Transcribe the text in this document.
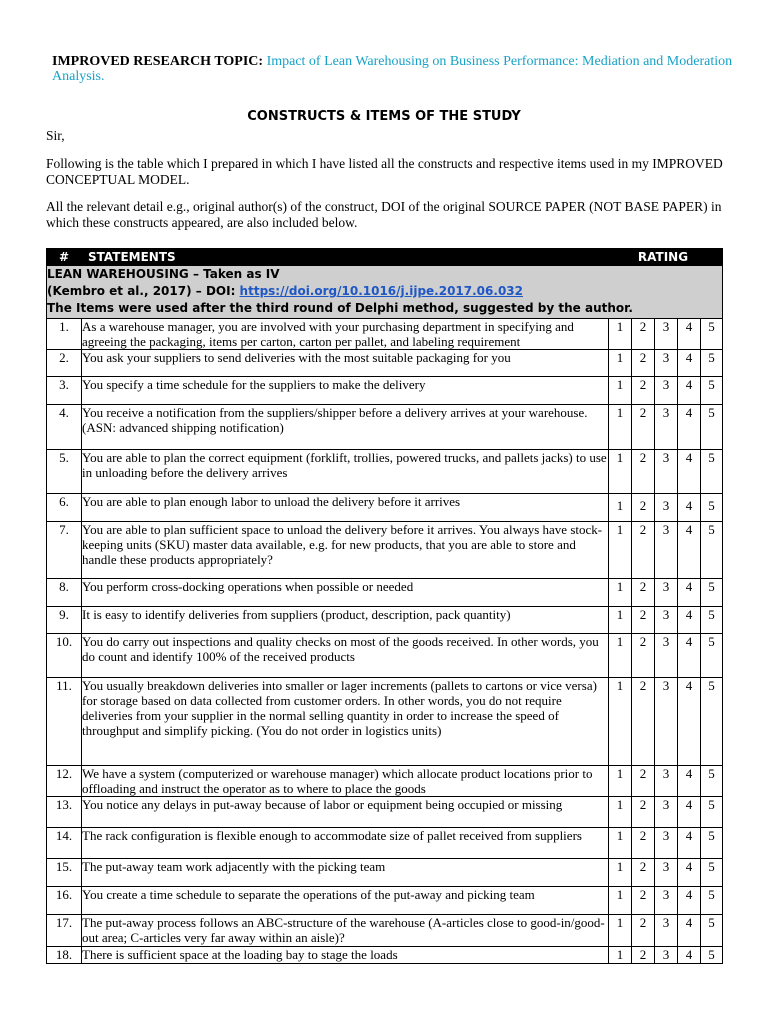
IMPROVED RESEARCH TOPIC: Impact of Lean Warehousing on Business Performance: Mediation and Moderation Analysis.
CONSTRUCTS & ITEMS OF THE STUDY
Sir,
Following is the table which I prepared in which I have listed all the constructs and respective items used in my IMPROVED CONCEPTUAL MODEL.
All the relevant detail e.g., original author(s) of the construct, DOI of the original SOURCE PAPER (NOT BASE PAPER) in which these constructs appeared, are also included below.
#	STATEMENTS	RATING				

LEAN WAREHOUSING – Taken as IV
(Kembro et al., 2017) – DOI: https://doi.org/10.1016/j.ijpe.2017.06.032
The Items were used after the third round of Delphi method, suggested by the author.						

1.	As a warehouse manager, you are involved with your purchasing department in specifying and agreeing the packaging, items per carton, carton per pallet, and labeling requirement	1	2	3	4	5
2.	You ask your suppliers to send deliveries with the most suitable packaging for you	1	2	3	4	5
3.	You specify a time schedule for the suppliers to make the delivery	1	2	3	4	5
4.	You receive a notification from the suppliers/shipper before a delivery arrives at your warehouse. (ASN: advanced shipping notification)	1	2	3	4	5
5.	You are able to plan the correct equipment (forklift, trollies, powered trucks, and pallets jacks) to use in unloading before the delivery arrives	1	2	3	4	5
6.	You are able to plan enough labor to unload the delivery before it arrives	1	2	3	4	5
7.	You are able to plan sufficient space to unload the delivery before it arrives. You always have stock-keeping units (SKU) master data available, e.g. for new products, that you are able to store and handle these products appropriately?	1	2	3	4	5
8.	You perform cross-docking operations when possible or needed	1	2	3	4	5
9.	It is easy to identify deliveries from suppliers (product, description, pack quantity)	1	2	3	4	5
10.	You do carry out inspections and quality checks on most of the goods received. In other words, you do count and identify 100% of the received products	1	2	3	4	5
11.	You usually breakdown deliveries into smaller or lager increments (pallets to cartons or vice versa) for storage based on data collected from customer orders. In other words, you do not require deliveries from your supplier in the normal selling quantity in order to increase the speed of throughput and simplify picking. (You do not order in logistics units)	1	2	3	4	5
12.	We have a system (computerized or warehouse manager) which allocate product locations prior to offloading and instruct the operator as to where to place the goods	1	2	3	4	5
13.	You notice any delays in put-away because of labor or equipment being occupied or missing	1	2	3	4	5
14.	The rack configuration is flexible enough to accommodate size of pallet received from suppliers	1	2	3	4	5
15.	The put-away team work adjacently with the picking team	1	2	3	4	5
16.	You create a time schedule to separate the operations of the put-away and picking team	1	2	3	4	5
17.	The put-away process follows an ABC-structure of the warehouse (A-articles close to good-in/good-out area; C-articles very far away within an aisle)?	1	2	3	4	5
18.	There is sufficient space at the loading bay to stage the loads	1	2	3	4	5
